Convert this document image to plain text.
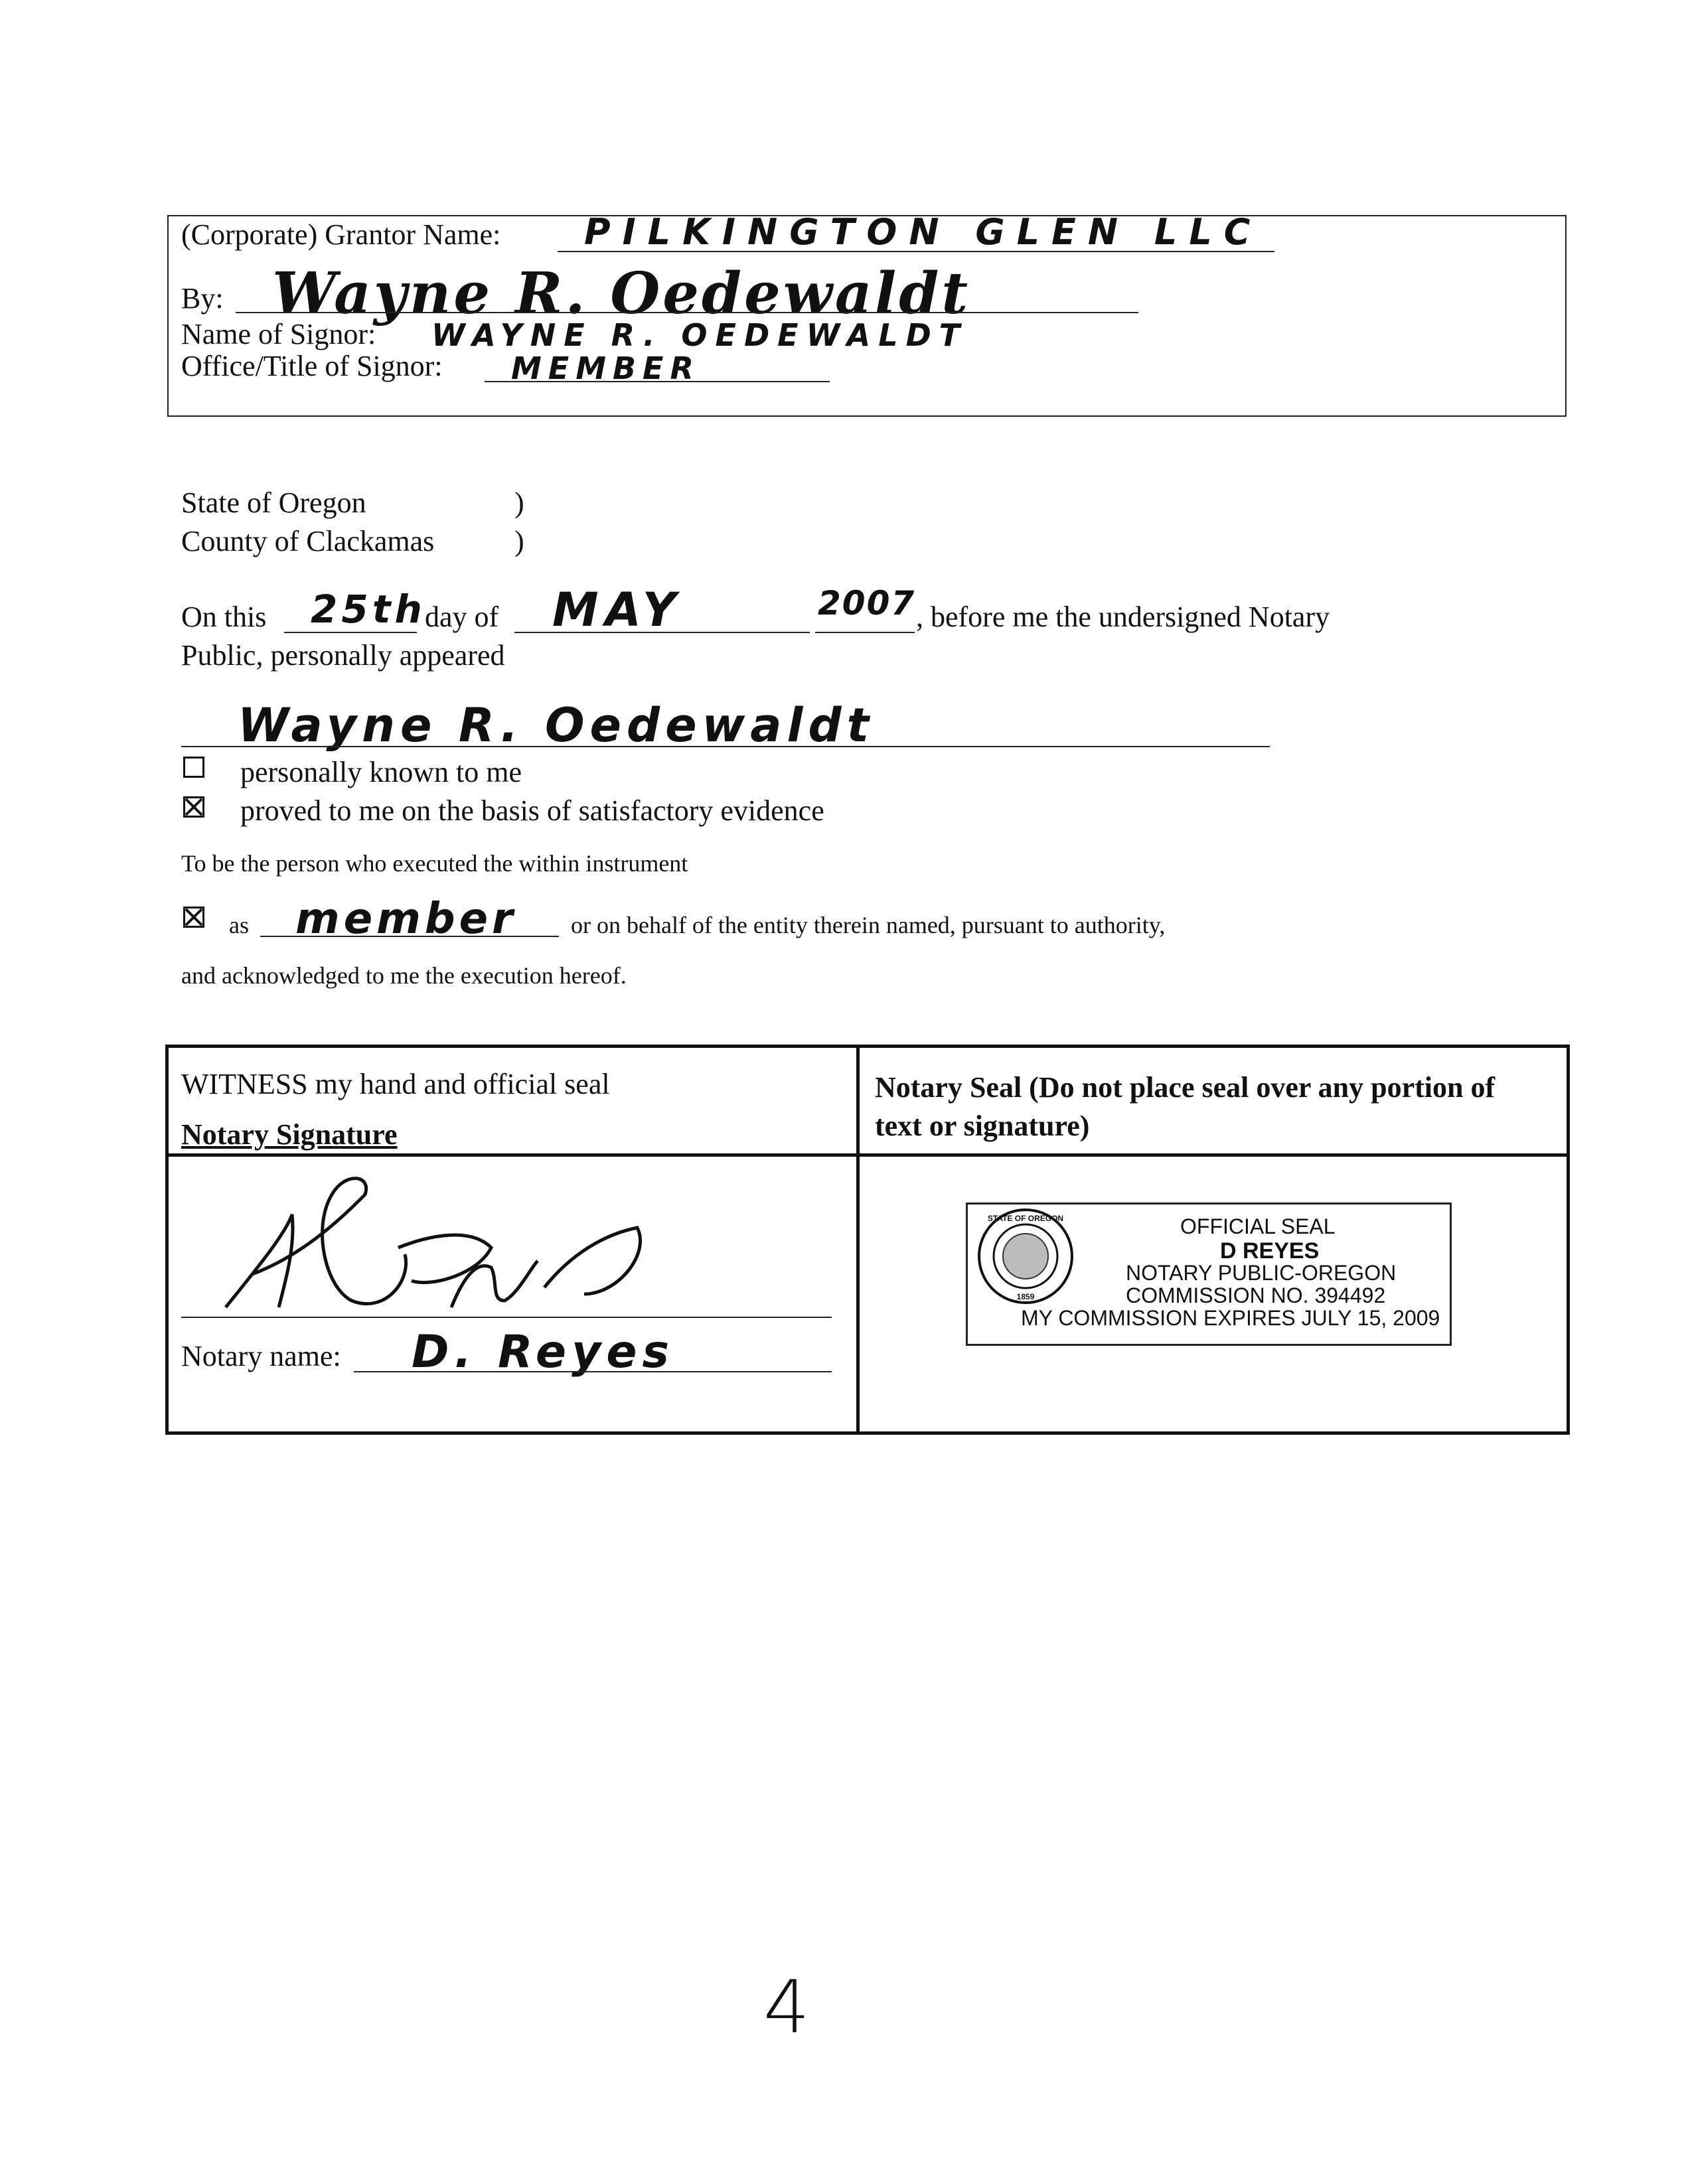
(Corporate) Grantor Name: PILKINGTON GLEN LLC
By: Wayne R. Oedewaldt
Name of Signor: WAYNE R. OEDEWALDT
Office/Title of Signor: MEMBER
State of Oregon	)
County of Clackamas	)
On this 25th
day of MAY	2007 , before me the undersigned Notary
Public, personally appeared
Wayne R. Oedewaldt
personally known to me
proved to me on the basis of satisfactory evidence
To be the person who executed the within instrument
as member or on behalf of the entity therein named, pursuant to authority,
and acknowledged to me the execution hereof.
WITNESS my hand and official seal
Notary Signature
Notary Seal (Do not place seal over any portion of text or signature)
Notary name: D. Reyes
STATE OF OREGON
1859
OFFICIAL SEAL
D REYES
NOTARY PUBLIC-OREGON
COMMISSION NO. 394492
MY COMMISSION EXPIRES JULY 15, 2009
4
